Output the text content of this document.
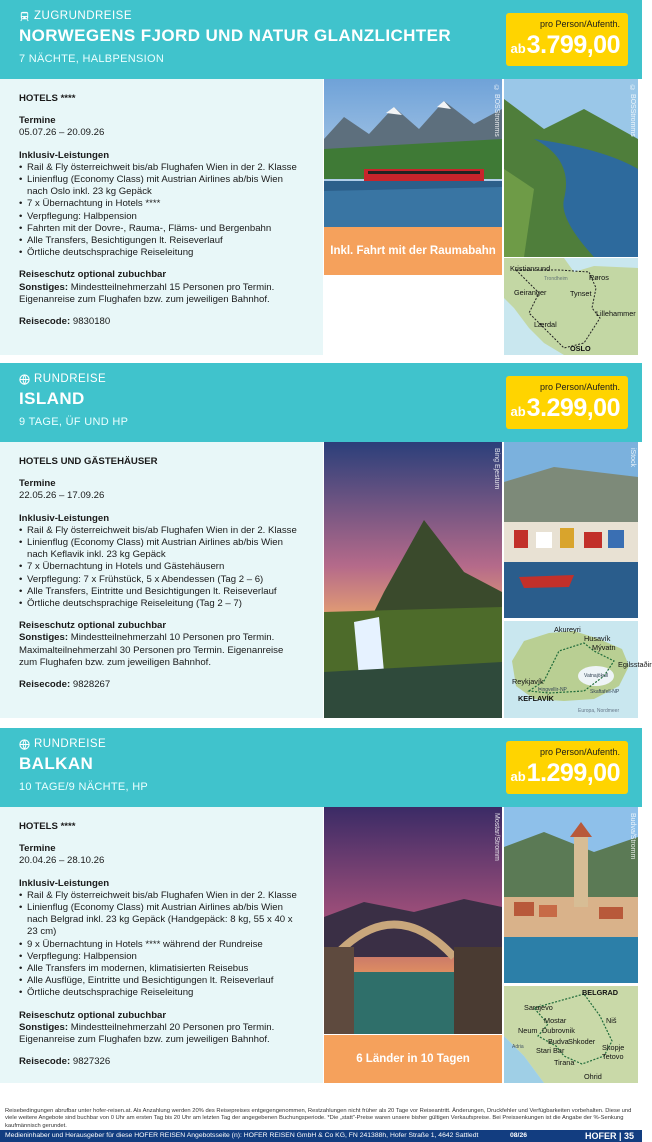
ZUGRUNDREISE
NORWEGENS FJORD UND NATUR GLANZLICHTER
7 NÄCHTE, HALBPENSION
pro Person/Aufenth.
ab 3.799,00
HOTELS ****
Termine
05.07.26 – 20.09.26
Inklusiv-Leistungen
• Rail & Fly österreichweit bis/ab Flughafen Wien in der 2. Klasse
• Linienflug (Economy Class) mit Austrian Airlines ab/bis Wien nach Oslo inkl. 23 kg Gepäck
• 7 x Übernachtung in Hotels ****
• Verpflegung: Halbpension
• Fahrten mit der Dovre-, Rauma-, Fläms- und Bergenbahn
• Alle Transfers, Besichtigungen lt. Reiseverlauf
• Örtliche deutschsprachige Reiseleitung
Reiseschutz optional zubuchbar
Sonstiges: Mindestteilnehmerzahl 15 Personen pro Termin. Eigenanreise zum Flughafen bzw. zum jeweiligen Bahnhof.
Reisecode: 9830180
© BOSStromms	© BOSStromms
Inkl. Fahrt mit der Raumabahn
Kristiansund
Røros
Geiranger	Tynset
Lillehammer
Lærdal
OSLO
Trondheim
RUNDREISE
ISLAND
9 TAGE, ÜF UND HP
pro Person/Aufenth.
ab 3.299,00
HOTELS UND GÄSTEHÄUSER
Termine
22.05.26 – 17.09.26
Inklusiv-Leistungen
• Rail & Fly österreichweit bis/ab Flughafen Wien in der 2. Klasse
• Linienflug (Economy Class) mit Austrian Airlines ab/bis Wien nach Keflavik inkl. 23 kg Gepäck
• 7 x Übernachtung in Hotels und Gästehäusern
• Verpflegung: 7 x Frühstück, 5 x Abendessen (Tag 2 – 6)
• Alle Transfers, Eintritte und Besichtigungen lt. Reiseverlauf
• Örtliche deutschsprachige Reiseleitung (Tag 2 – 7)
Reiseschutz optional zubuchbar
Sonstiges: Mindestteilnehmerzahl 10 Personen pro Termin. Maximalteilnehmerzahl 30 Personen pro Termin. Eigenanreise zum Flughafen bzw. zum jeweiligen Bahnhof.
Reisecode: 9828267
Bing Ejestum	iStock
Akureyri
Husavík
Mývatn
Egilsstaðir
Reykjavík
KEFLAVÍK
Þingvellir-NP	Skaftafell-NP
Vatnajökull
Europa, Nordmeer
RUNDREISE
BALKAN
10 TAGE/9 NÄCHTE, HP
pro Person/Aufenth.
ab 1.299,00
HOTELS ****
Termine
20.04.26 – 28.10.26
Inklusiv-Leistungen
• Rail & Fly österreichweit bis/ab Flughafen Wien in der 2. Klasse
• Linienflug (Economy Class) mit Austrian Airlines ab/bis Wien nach Belgrad inkl. 23 kg Gepäck (Handgepäck: 8 kg, 55 x 40 x 23 cm)
• 9 x Übernachtung in Hotels **** während der Rundreise
• Verpflegung: Halbpension
• Alle Transfers im modernen, klimatisierten Reisebus
• Alle Ausflüge, Eintritte und Besichtigungen lt. Reiseverlauf
• Örtliche deutschsprachige Reiseleitung
Reiseschutz optional zubuchbar
Sonstiges: Mindestteilnehmerzahl 20 Personen pro Termin. Eigenanreise zum Flughafen bzw. zum jeweiligen Bahnhof.
Reisecode: 9827326
Mostar/Stromm	Budva/Stromm
6 Länder in 10 Tagen
BELGRAD
Sarajevo
Mostar	Niš
Neum Dubrovnik
Budva Shkoder
Skopje
Stari Bar
Tetovo
Tirana
Ohrid
Adria
Reisebedingungen abrufbar unter hofer-reisen.at. Als Anzahlung werden 20% des Reisepreises entgegengenommen, Restzahlungen nicht früher als 20 Tage vor Reiseantritt. Änderungen, Druckfehler und Verfügbarkeiten vorbehalten. Diese und viele weitere Angebote sind buchbar von 0 Uhr am ersten Tag bis 20 Uhr am letzten Tag der angegebenen Buchungsperiode. *Die „statt“-Preise waren unsere bisher gültigen Verkaufspreise. Bei Preissenkungen ist die Angabe der %-Senkung kaufmännisch gerundet.
Medieninhaber und Herausgeber für diese HOFER REISEN Angebotsseite (n): HOFER REISEN GmbH & Co KG, FN 241388h, Hofer Straße 1, 4642 Sattledt	08/26	HOFER | 35
